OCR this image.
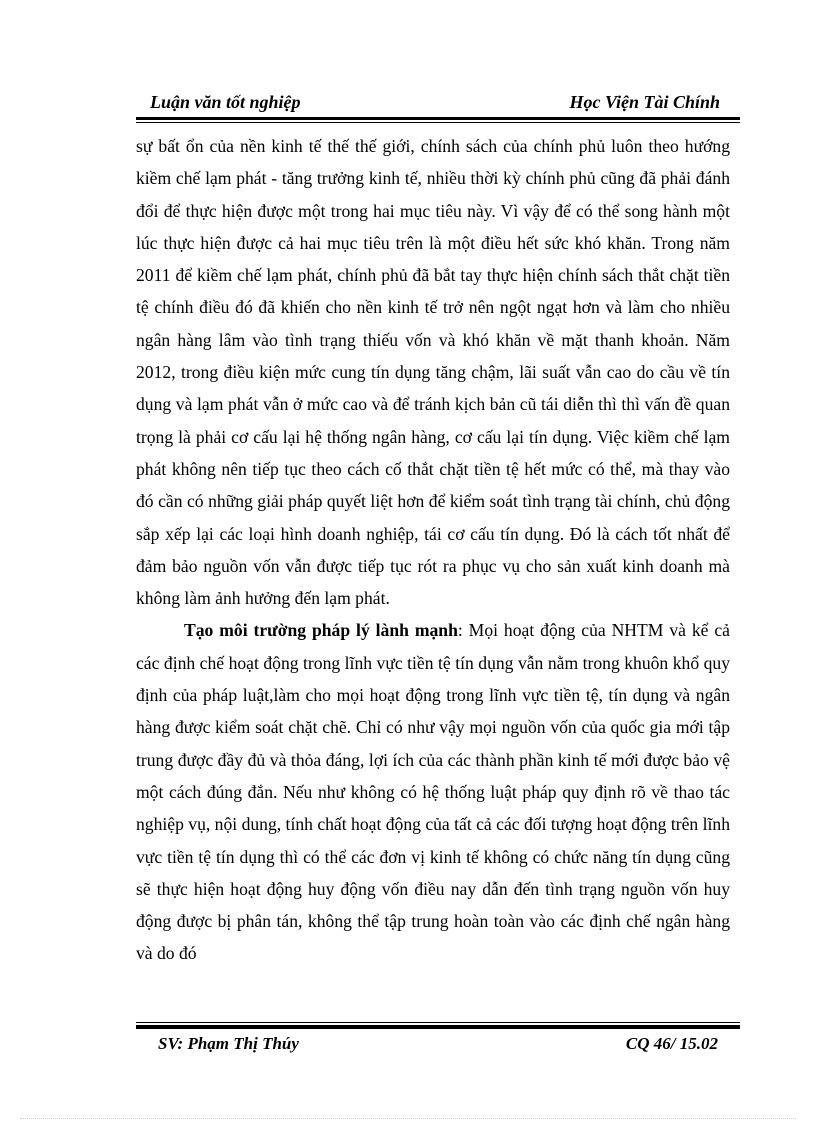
Luận văn tốt nghiệp	Học Viện Tài Chính

sự bất ổn của nền kinh tế thế thế giới, chính sách của chính phủ luôn theo hướng kiềm chế lạm phát - tăng trưởng kinh tế, nhiều thời kỳ chính phủ cũng đã phải đánh đổi để thực hiện được một trong hai mục tiêu này. Vì vậy để có thể song hành một lúc thực hiện được cả hai mục tiêu trên là một điều hết sức khó khăn. Trong năm 2011 để kiềm chế lạm phát, chính phủ đã bắt tay thực hiện chính sách thắt chặt tiền tệ chính điều đó đã khiến cho nền kinh tế trở nên ngột ngạt hơn và làm cho nhiều ngân hàng lâm vào tình trạng thiếu vốn và khó khăn về mặt thanh khoản. Năm 2012, trong điều kiện mức cung tín dụng tăng chậm, lãi suất vẫn cao do cầu về tín dụng và lạm phát vẫn ở mức cao và để tránh kịch bản cũ tái diễn thì thì vấn đề quan trọng là phải cơ cấu lại hệ thống ngân hàng, cơ cấu lại tín dụng. Việc kiềm chế lạm phát không nên tiếp tục theo cách cố thắt chặt tiền tệ hết mức có thể, mà thay vào đó cần có những giải pháp quyết liệt hơn để kiểm soát tình trạng tài chính, chủ động sắp xếp lại các loại hình doanh nghiệp, tái cơ cấu tín dụng. Đó là cách tốt nhất để đảm bảo nguồn vốn vẫn được tiếp tục rót ra phục vụ cho sản xuất kinh doanh mà không làm ảnh hưởng đến lạm phát.

Tạo môi trường pháp lý lành mạnh: Mọi hoạt động của NHTM và kể cả các định chế hoạt động trong lĩnh vực tiền tệ tín dụng vẫn nằm trong khuôn khổ quy định của pháp luật,làm cho mọi hoạt động trong lĩnh vực tiền tệ, tín dụng và ngân hàng được kiểm soát chặt chẽ. Chỉ có như vậy mọi nguồn vốn của quốc gia mới tập trung được đầy đủ và thỏa đáng, lợi ích của các thành phần kinh tế mới được bảo vệ một cách đúng đắn. Nếu như không có hệ thống luật pháp quy định rõ về thao tác nghiệp vụ, nội dung, tính chất hoạt động của tất cả các đối tượng hoạt động trên lĩnh vực tiền tệ tín dụng thì có thể các đơn vị kinh tế không có chức năng tín dụng cũng sẽ thực hiện hoạt động huy động vốn điều nay dẫn đến tình trạng nguồn vốn huy động được bị phân tán, không thể tập trung hoàn toàn vào các định chế ngân hàng và do đó

SV: Phạm Thị Thúy	CQ 46/ 15.02
